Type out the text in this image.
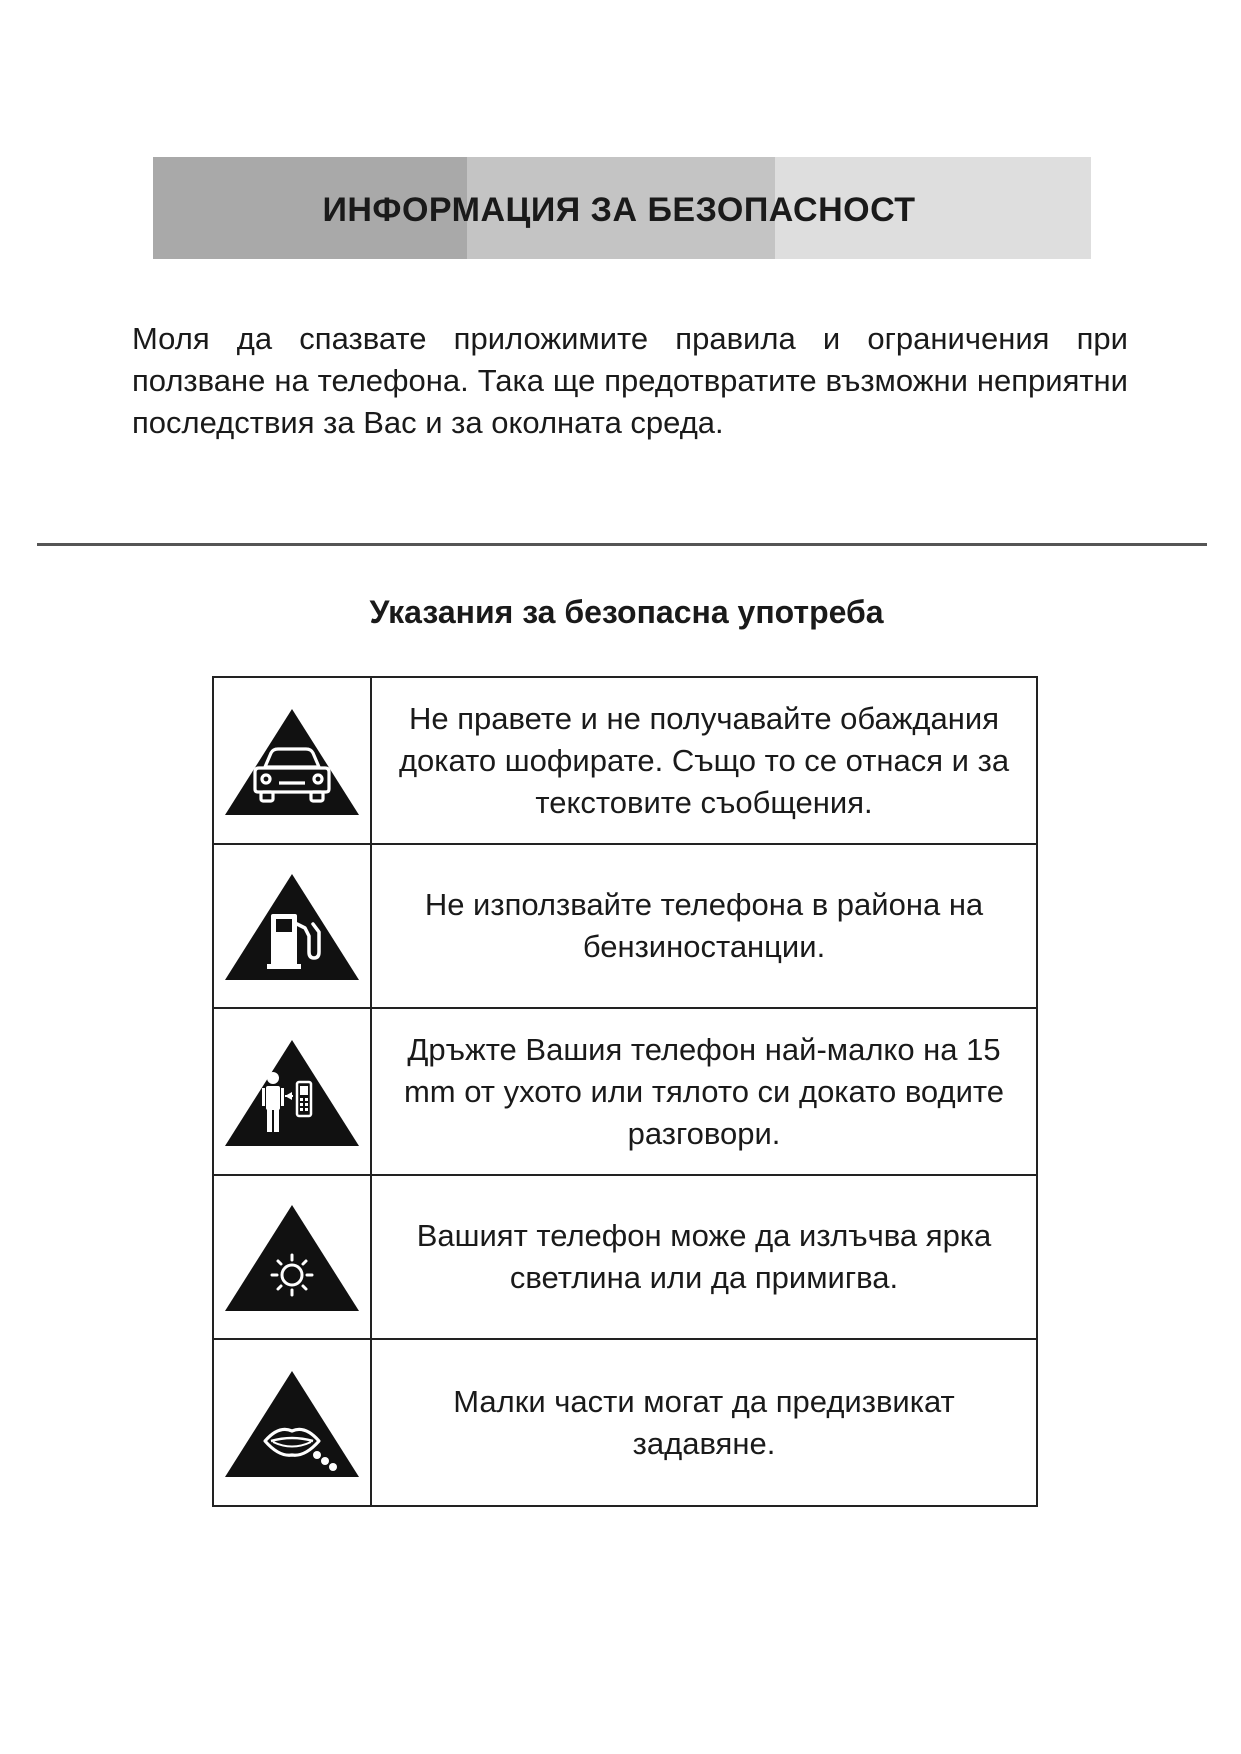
ИНФОРМАЦИЯ ЗА БЕЗОПАСНОСТ

Моля да спазвате приложимите правила и ограничения при ползване на телефона. Така ще предотвратите възможни неприятни последствия за Вас и за околната среда.

Указания за безопасна употреба
Не правете и не получавайте обаждания докато шофирате. Също то се отнася и за текстовите съобщения.
Не използвайте телефона в района на бензиностанции.
Дръжте Вашия телефон най-малко на 15 mm от ухото или тялото си докато водите разговори.
Вашият телефон може да излъчва ярка светлина или да примигва.
Малки части могат да предизвикат задавяне.
